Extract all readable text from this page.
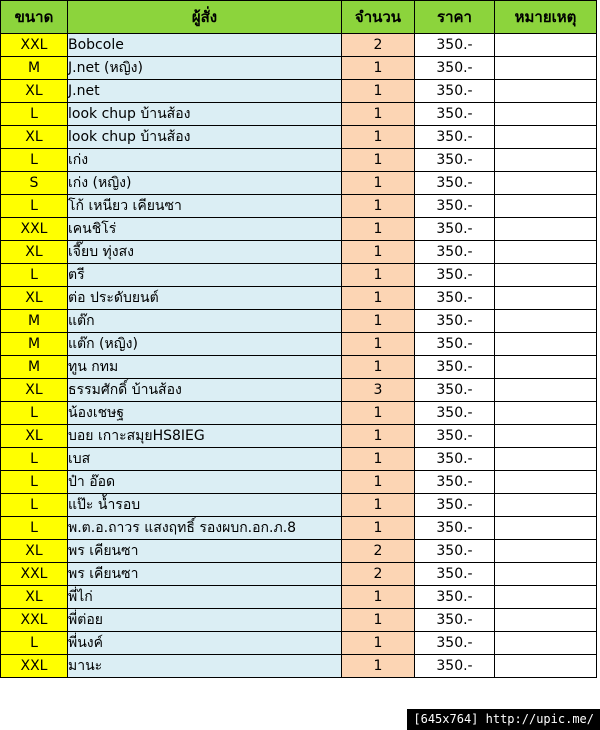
ขนาด	ผู้สั่ง	จำนวน	ราคา	หมายเหตุ
XXL	Bobcole	2	350.-	
M	J.net (หญิง)	1	350.-	
XL	J.net	1	350.-	
L	look chup บ้านส้อง	1	350.-	
XL	look chup บ้านส้อง	1	350.-	
L	เก่ง	1	350.-	
S	เก่ง (หญิง)	1	350.-	
L	โก้ เหนียว เคียนซา	1	350.-	
XXL	เคนชิโร่	1	350.-	
XL	เจี๊ยบ ทุ่งสง	1	350.-	
L	ตรี	1	350.-	
XL	ต่อ ประดับยนต์	1	350.-	
M	แต๊ก	1	350.-	
M	แต๊ก (หญิง)	1	350.-	
M	ทูน กทม	1	350.-	
XL	ธรรมศักดิ์ บ้านส้อง	3	350.-	
L	น้องเชษฐ	1	350.-	
XL	บอย เกาะสมุยHS8IEG	1	350.-	
L	เบส	1	350.-	
L	ป๋า อ๊อด	1	350.-	
L	แป๊ะ น้ำรอบ	1	350.-	
L	พ.ต.อ.ถาวร แสงฤทธิ์ รองผบก.อก.ภ.8	1	350.-	
XL	พร เคียนซา	2	350.-	
XXL	พร เคียนซา	2	350.-	
XL	พี่ไก่	1	350.-	
XXL	พี่ต่อย	1	350.-	
L	พี่นงค์	1	350.-	
XXL	มานะ	1	350.-	
[645x764] http://upic.me/
